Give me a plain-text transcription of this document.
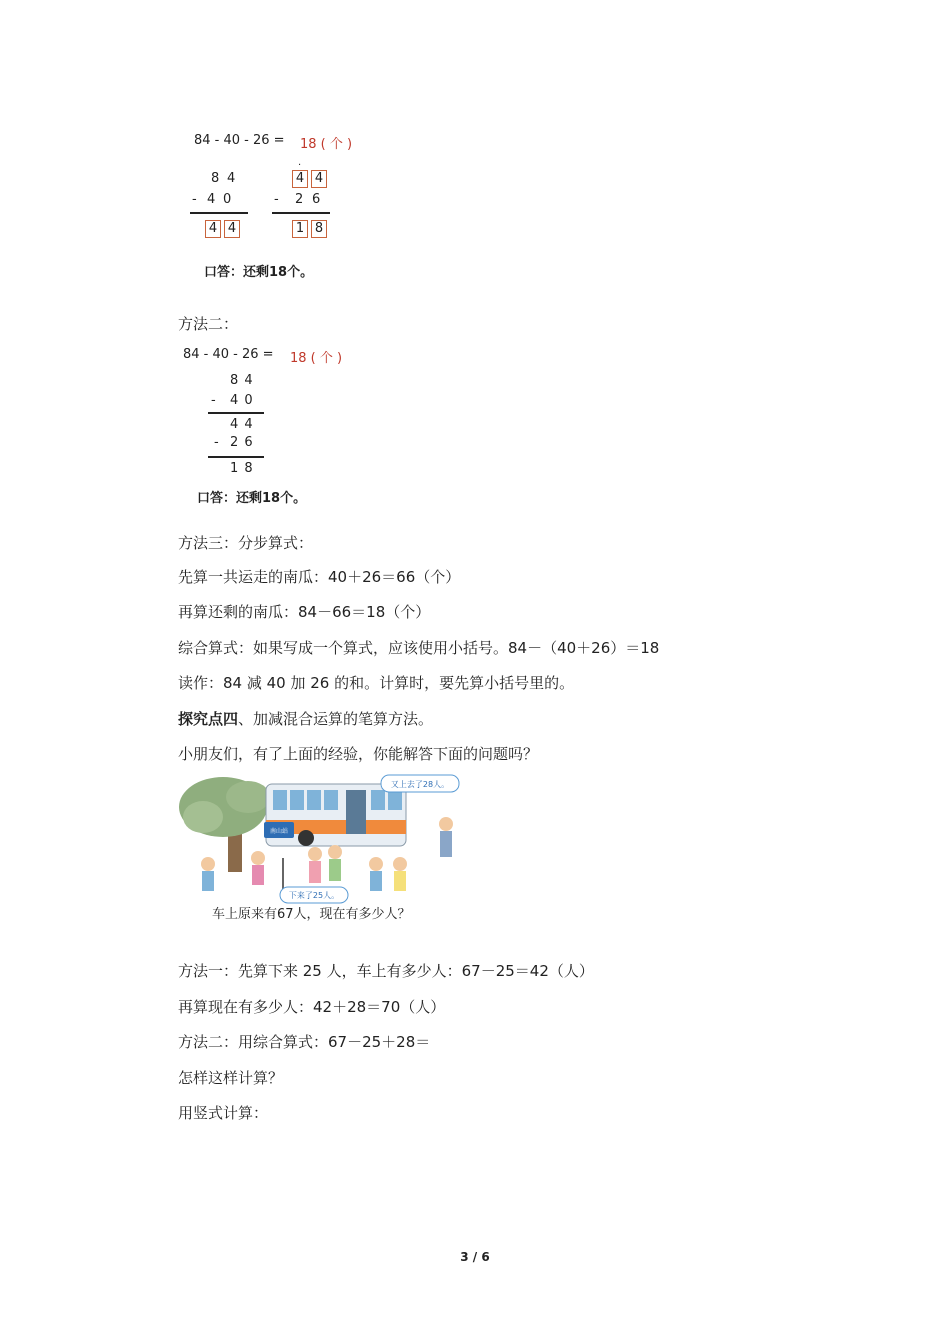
84 - 40 - 26 = 18 ( 个 )
8 4
- 4 0
4 4
·
4 4
- 2 6
1 8
口答：还剩18个。
方法二：
84 - 40 - 26 = 18 ( 个 )
8 4
- 4 0
4 4
- 2 6
1 8
口答：还剩18个。
方法三：分步算式：
先算一共运走的南瓜：40＋26＝66（个）
再算还剩的南瓜：84－66＝18（个）
综合算式：如果写成一个算式，应该使用小括号。84－（40＋26）＝18
读作：84 减 40 加 26 的和。计算时，要先算小括号里的。
探究点四、加减混合运算的笔算方法。
小朋友们，有了上面的经验，你能解答下面的问题吗？
南山站
又上去了28人。
下来了25人。
车上原来有67人，现在有多少人？
方法一：先算下来 25 人，车上有多少人：67－25＝42（人）
再算现在有多少人：42＋28＝70（人）
方法二：用综合算式：67－25＋28＝
怎样这样计算？
用竖式计算：
3 / 6
